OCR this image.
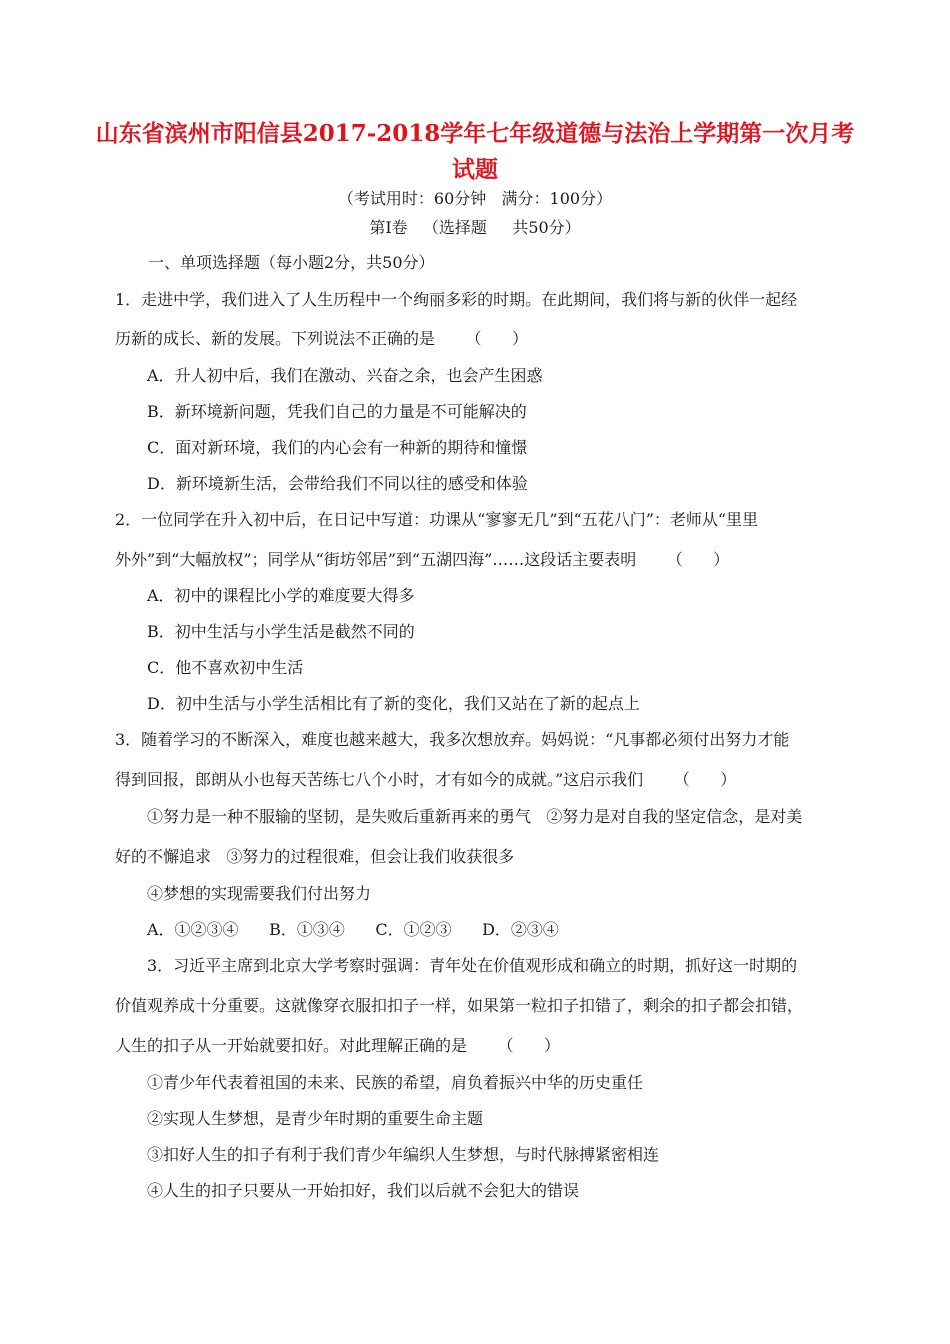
山东省滨州市阳信县2017-2018学年七年级道德与法治上学期第一次月考
试题

（考试用时：60分钟   满分：100分）

第Ⅰ卷   （选择题     共50分）

一、单项选择题（每小题2分，共50分）

1．走进中学，我们进入了人生历程中一个绚丽多彩的时期。在此期间，我们将与新的伙伴一起经

历新的成长、新的发展。下列说法不正确的是      （      ）

A．升人初中后，我们在激动、兴奋之余，也会产生困惑

B．新环境新问题，凭我们自己的力量是不可能解决的

C．面对新环境，我们的内心会有一种新的期待和憧憬

D．新环境新生活，会带给我们不同以往的感受和体验

2．一位同学在升入初中后，在日记中写道：功课从“寥寥无几”到“五花八门”：老师从“里里

外外”到“大幅放权”；同学从“街坊邻居”到“五湖四海”……这段话主要表明      （      ）

A．初中的课程比小学的难度要大得多

B．初中生活与小学生活是截然不同的

C．他不喜欢初中生活

D．初中生活与小学生活相比有了新的变化，我们又站在了新的起点上

3．随着学习的不断深入，难度也越来越大，我多次想放弃。妈妈说：“凡事都必须付出努力才能

得到回报，郎朗从小也每天苦练七八个小时，才有如今的成就。”这启示我们      （      ）

①努力是一种不服输的坚韧，是失败后重新再来的勇气   ②努力是对自我的坚定信念，是对美

好的不懈追求   ③努力的过程很难，但会让我们收获很多

④梦想的实现需要我们付出努力

A．①②③④      B．①③④      C．①②③      D．②③④

3．习近平主席到北京大学考察时强调：青年处在价值观形成和确立的时期，抓好这一时期的

价值观养成十分重要。这就像穿衣服扣扣子一样，如果第一粒扣子扣错了，剩余的扣子都会扣错，

人生的扣子从一开始就要扣好。对此理解正确的是      （      ）

①青少年代表着祖国的未来、民族的希望，肩负着振兴中华的历史重任

②实现人生梦想，是青少年时期的重要生命主题

③扣好人生的扣子有利于我们青少年编织人生梦想，与时代脉搏紧密相连

④人生的扣子只要从一开始扣好，我们以后就不会犯大的错误
